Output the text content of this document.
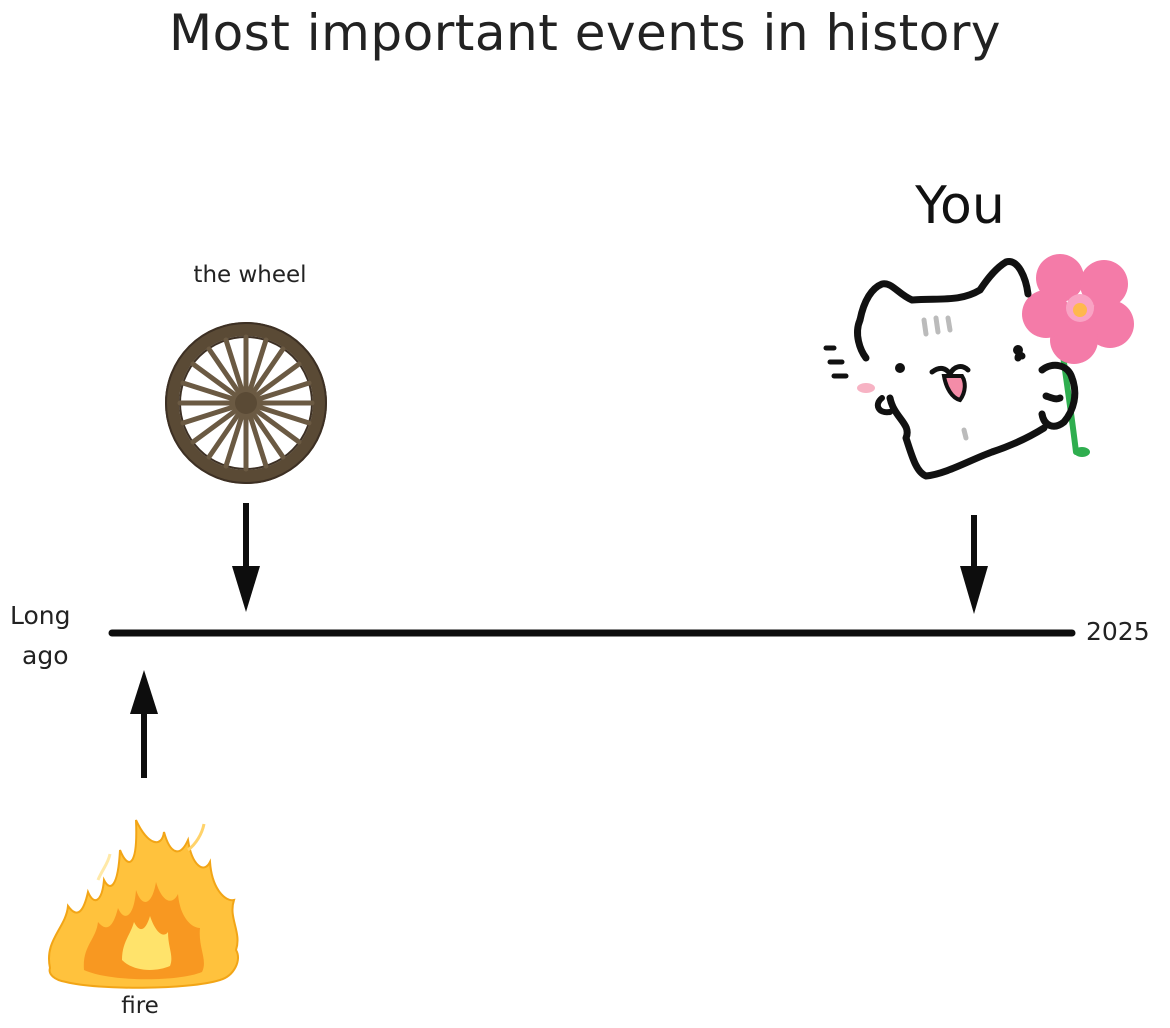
Most important events in history
the wheel
You
Long
ago
2025
fire
